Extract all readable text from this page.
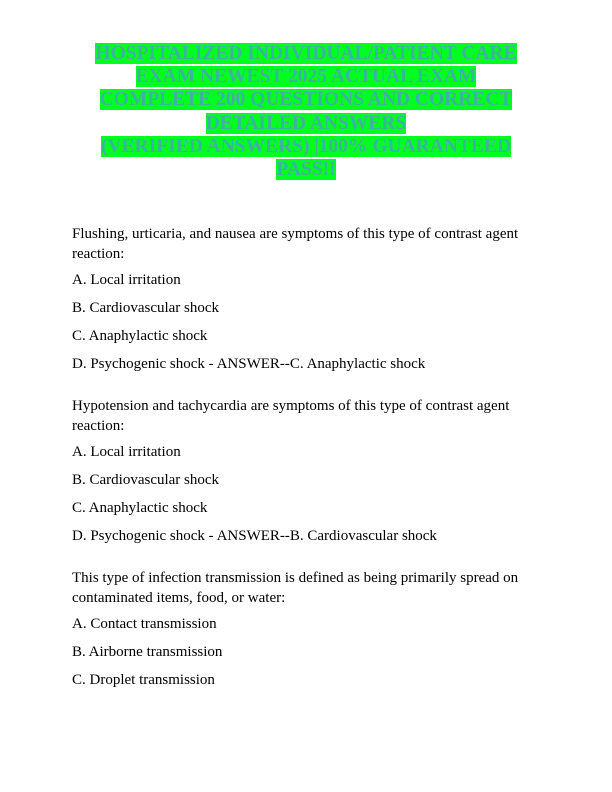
HOSPITALIZED INDIVIDUAL/PATIENT CARE
EXAM NEWEST 2025 ACTUAL EXAM
COMPLETE 200 QUESTIONS AND CORRECT
DETAILED ANSWERS
(VERIFIED ANSWERS) |100% GUARANTEED
PASS!!
Flushing, urticaria, and nausea are symptoms of this type of contrast agent reaction:
A. Local irritation
B. Cardiovascular shock
C. Anaphylactic shock
D. Psychogenic shock - ANSWER--C. Anaphylactic shock
Hypotension and tachycardia are symptoms of this type of contrast agent reaction:
A. Local irritation
B. Cardiovascular shock
C. Anaphylactic shock
D. Psychogenic shock - ANSWER--B. Cardiovascular shock
This type of infection transmission is defined as being primarily spread on contaminated items, food, or water:
A. Contact transmission
B. Airborne transmission
C. Droplet transmission
